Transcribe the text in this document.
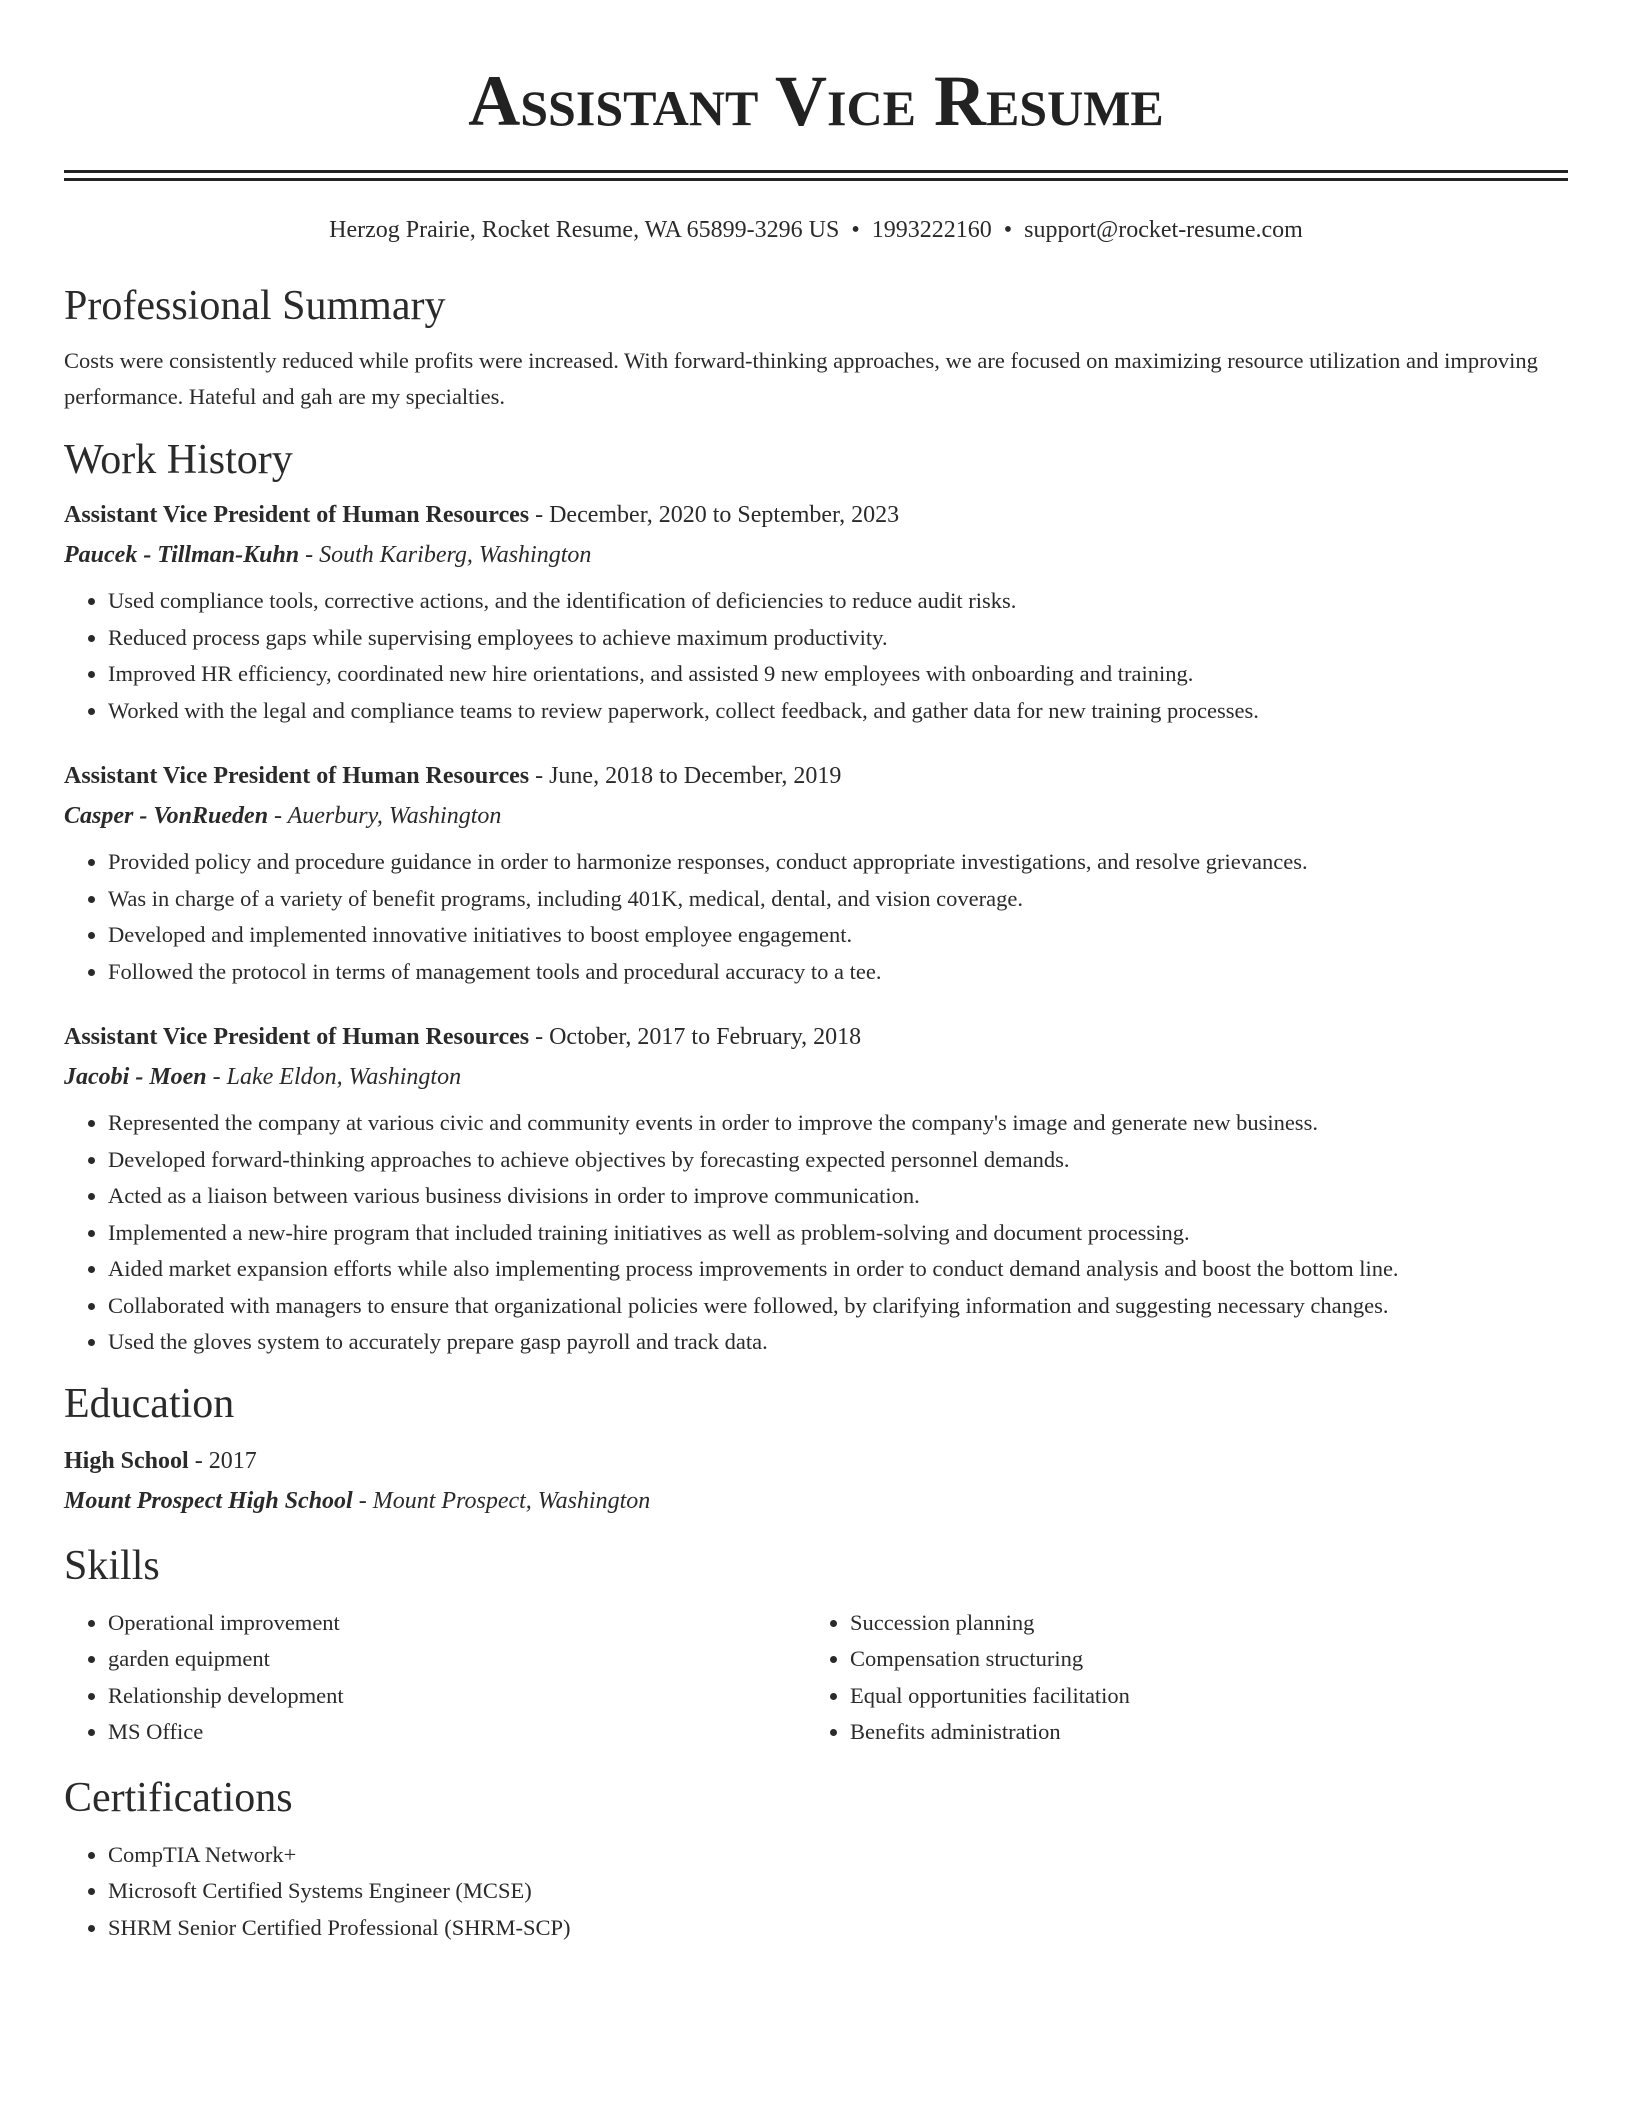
Assistant Vice Resume
Herzog Prairie, Rocket Resume, WA 65899-3296 US • 1993222160 • support@rocket-resume.com
Professional Summary
Costs were consistently reduced while profits were increased. With forward-thinking approaches, we are focused on maximizing resource utilization and improving performance. Hateful and gah are my specialties.
Work History
Assistant Vice President of Human Resources - December, 2020 to September, 2023
Paucek - Tillman-Kuhn - South Kariberg, Washington
• Used compliance tools, corrective actions, and the identification of deficiencies to reduce audit risks.
• Reduced process gaps while supervising employees to achieve maximum productivity.
• Improved HR efficiency, coordinated new hire orientations, and assisted 9 new employees with onboarding and training.
• Worked with the legal and compliance teams to review paperwork, collect feedback, and gather data for new training processes.
Assistant Vice President of Human Resources - June, 2018 to December, 2019
Casper - VonRueden - Auerbury, Washington
• Provided policy and procedure guidance in order to harmonize responses, conduct appropriate investigations, and resolve grievances.
• Was in charge of a variety of benefit programs, including 401K, medical, dental, and vision coverage.
• Developed and implemented innovative initiatives to boost employee engagement.
• Followed the protocol in terms of management tools and procedural accuracy to a tee.
Assistant Vice President of Human Resources - October, 2017 to February, 2018
Jacobi - Moen - Lake Eldon, Washington
• Represented the company at various civic and community events in order to improve the company's image and generate new business.
• Developed forward-thinking approaches to achieve objectives by forecasting expected personnel demands.
• Acted as a liaison between various business divisions in order to improve communication.
• Implemented a new-hire program that included training initiatives as well as problem-solving and document processing.
• Aided market expansion efforts while also implementing process improvements in order to conduct demand analysis and boost the bottom line.
• Collaborated with managers to ensure that organizational policies were followed, by clarifying information and suggesting necessary changes.
• Used the gloves system to accurately prepare gasp payroll and track data.
Education
High School - 2017
Mount Prospect High School - Mount Prospect, Washington
Skills
• Operational improvement
• garden equipment
• Relationship development
• MS Office
• Succession planning
• Compensation structuring
• Equal opportunities facilitation
• Benefits administration
Certifications
• CompTIA Network+
• Microsoft Certified Systems Engineer (MCSE)
• SHRM Senior Certified Professional (SHRM-SCP)
